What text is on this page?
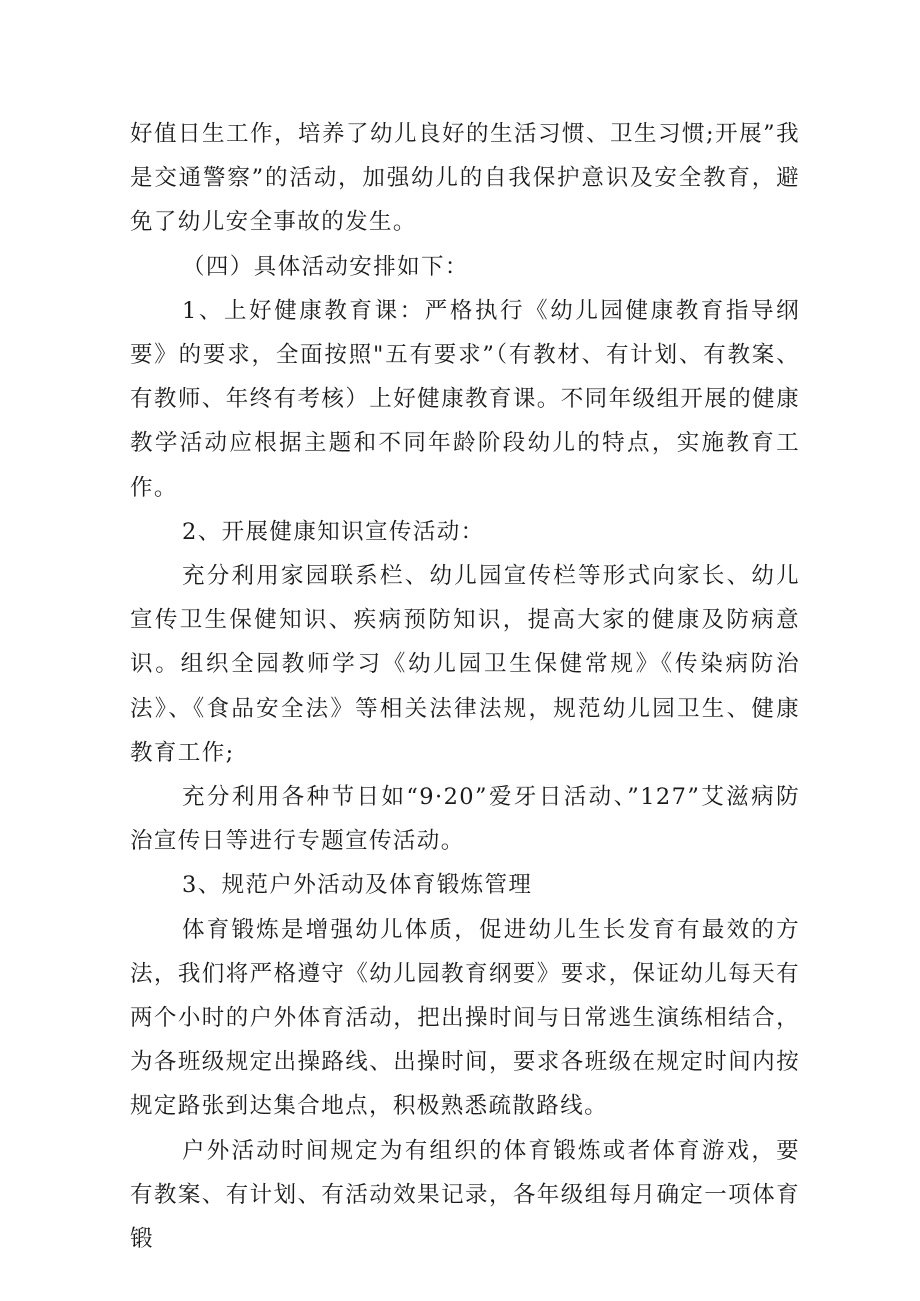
好值日生工作，培养了幼儿良好的生活习惯、卫生习惯;开展”我是交通警察”的活动，加强幼儿的自我保护意识及安全教育，避免了幼儿安全事故的发生。

（四）具体活动安排如下：

1、上好健康教育课：严格执行《幼儿园健康教育指导纲要》的要求，全面按照"五有要求”（有教材、有计划、有教案、有教师、年终有考核）上好健康教育课。不同年级组开展的健康教学活动应根据主题和不同年龄阶段幼儿的特点，实施教育工作。

2、开展健康知识宣传活动：

充分利用家园联系栏、幼儿园宣传栏等形式向家长、幼儿宣传卫生保健知识、疾病预防知识，提高大家的健康及防病意识。组织全园教师学习《幼儿园卫生保健常规》《传染病防治法》、《食品安全法》等相关法律法规，规范幼儿园卫生、健康教育工作;

充分利用各种节日如“9·20”爱牙日活动、”127”艾滋病防治宣传日等进行专题宣传活动。

3、规范户外活动及体育锻炼管理

体育锻炼是增强幼儿体质，促进幼儿生长发育有最效的方法，我们将严格遵守《幼儿园教育纲要》要求，保证幼儿每天有两个小时的户外体育活动，把出操时间与日常逃生演练相结合，为各班级规定出操路线、出操时间，要求各班级在规定时间内按规定路张到达集合地点，积极熟悉疏散路线。

户外活动时间规定为有组织的体育锻炼或者体育游戏，要有教案、有计划、有活动效果记录，各年级组每月确定一项体育锻
